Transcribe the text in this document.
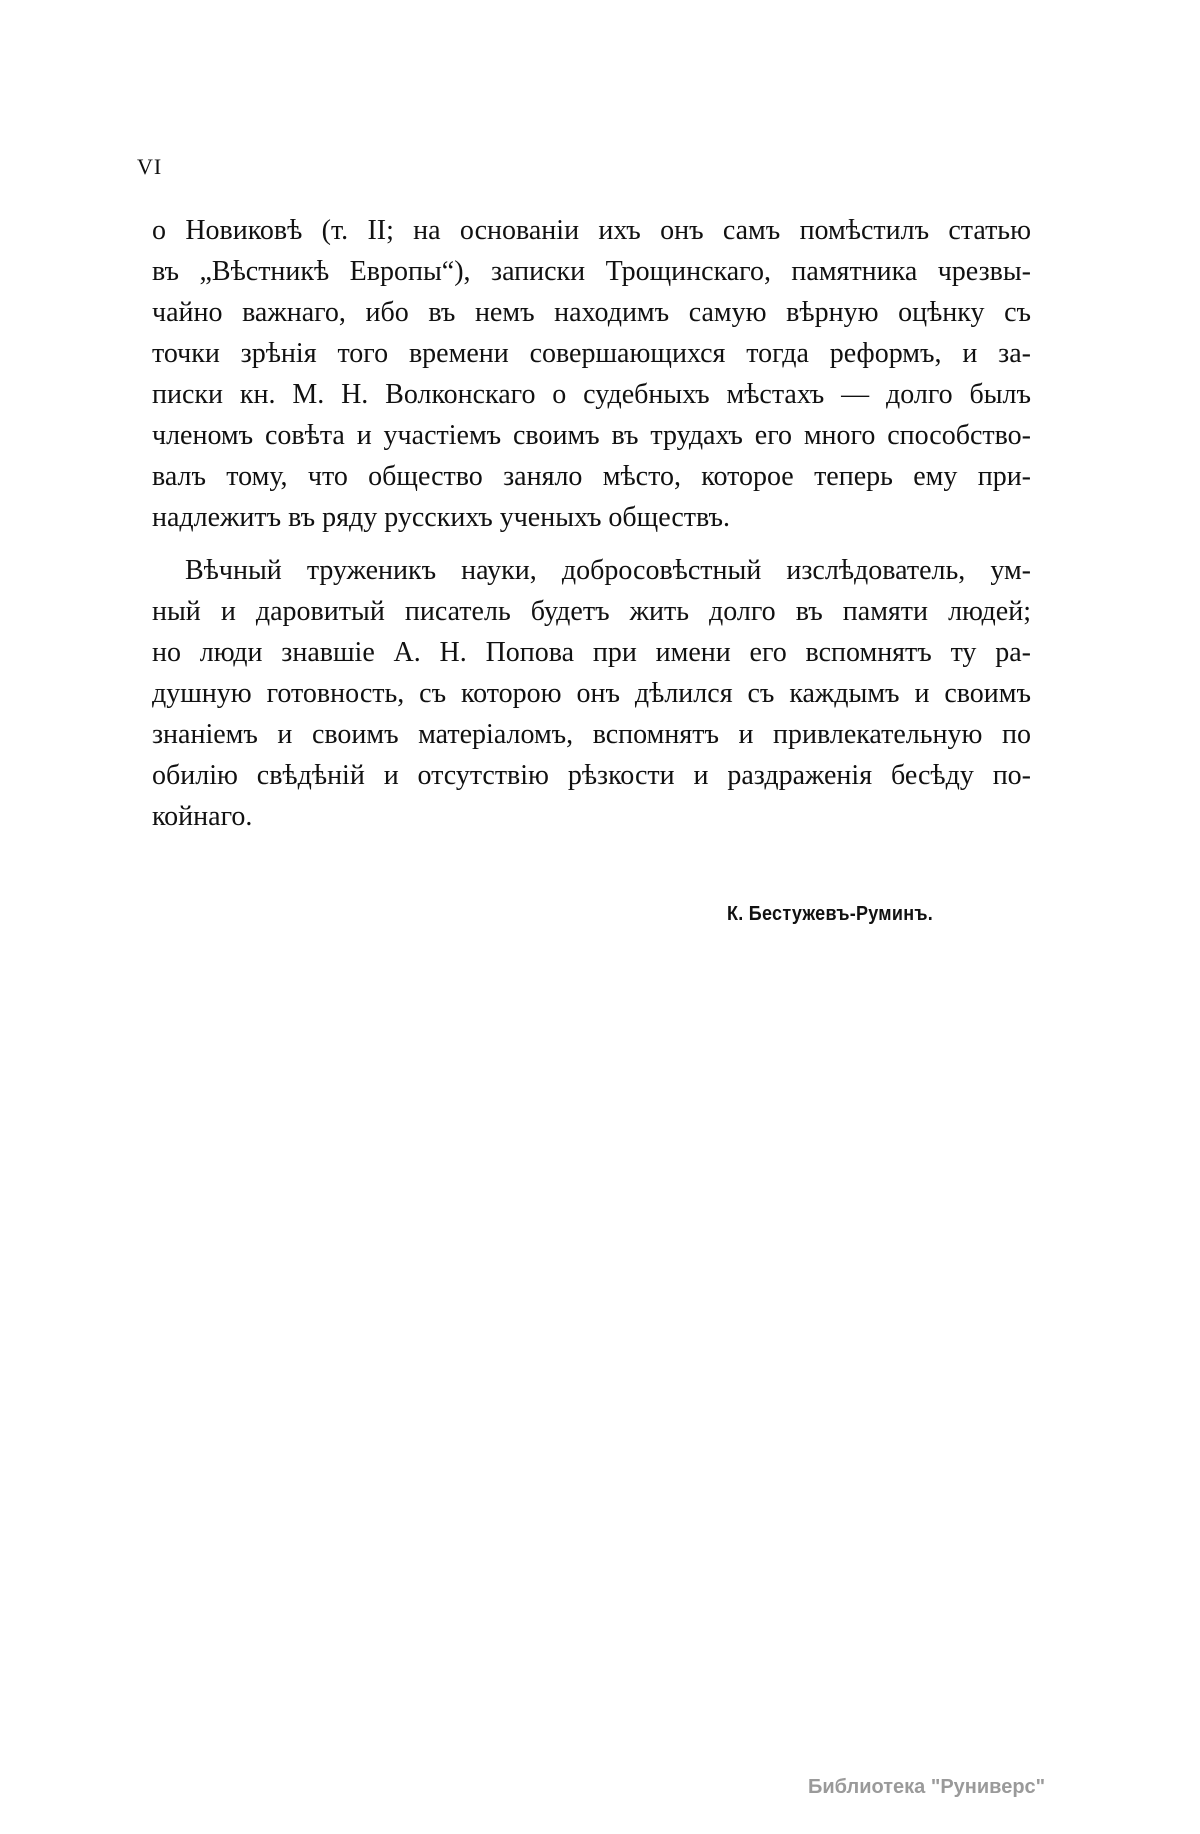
VI
о Новиковѣ (т. II; на основанiи ихъ онъ самъ помѣстилъ статью
въ „Вѣстникѣ Европы“), записки Трощинскаго, памятника чрезвы-
чайно важнаго, ибо въ немъ находимъ самую вѣрную оцѣнку съ
точки зрѣнiя того времени совершающихся тогда реформъ, и за-
писки кн. М. Н. Волконскаго о судебныхъ мѣстахъ — долго былъ
членомъ совѣта и участiемъ своимъ въ трудахъ его много способство-
валъ тому, что общество заняло мѣсто, которое теперь ему при-
надлежитъ въ ряду русскихъ ученыхъ обществъ.
Вѣчный труженикъ науки, добросовѣстный изслѣдователь, ум-
ный и даровитый писатель будетъ жить долго въ памяти людей;
но люди знавшiе А. Н. Попова при имени его вспомнятъ ту ра-
душную готовность, съ которою онъ дѣлился съ каждымъ и своимъ
знанiемъ и своимъ матерiаломъ, вспомнятъ и привлекательную по
обилiю свѣдѣнiй и отсутствiю рѣзкости и раздраженiя бесѣду по-
койнаго.
К. Бестужевъ-Руминъ.
Библиотека "Руниверс"
